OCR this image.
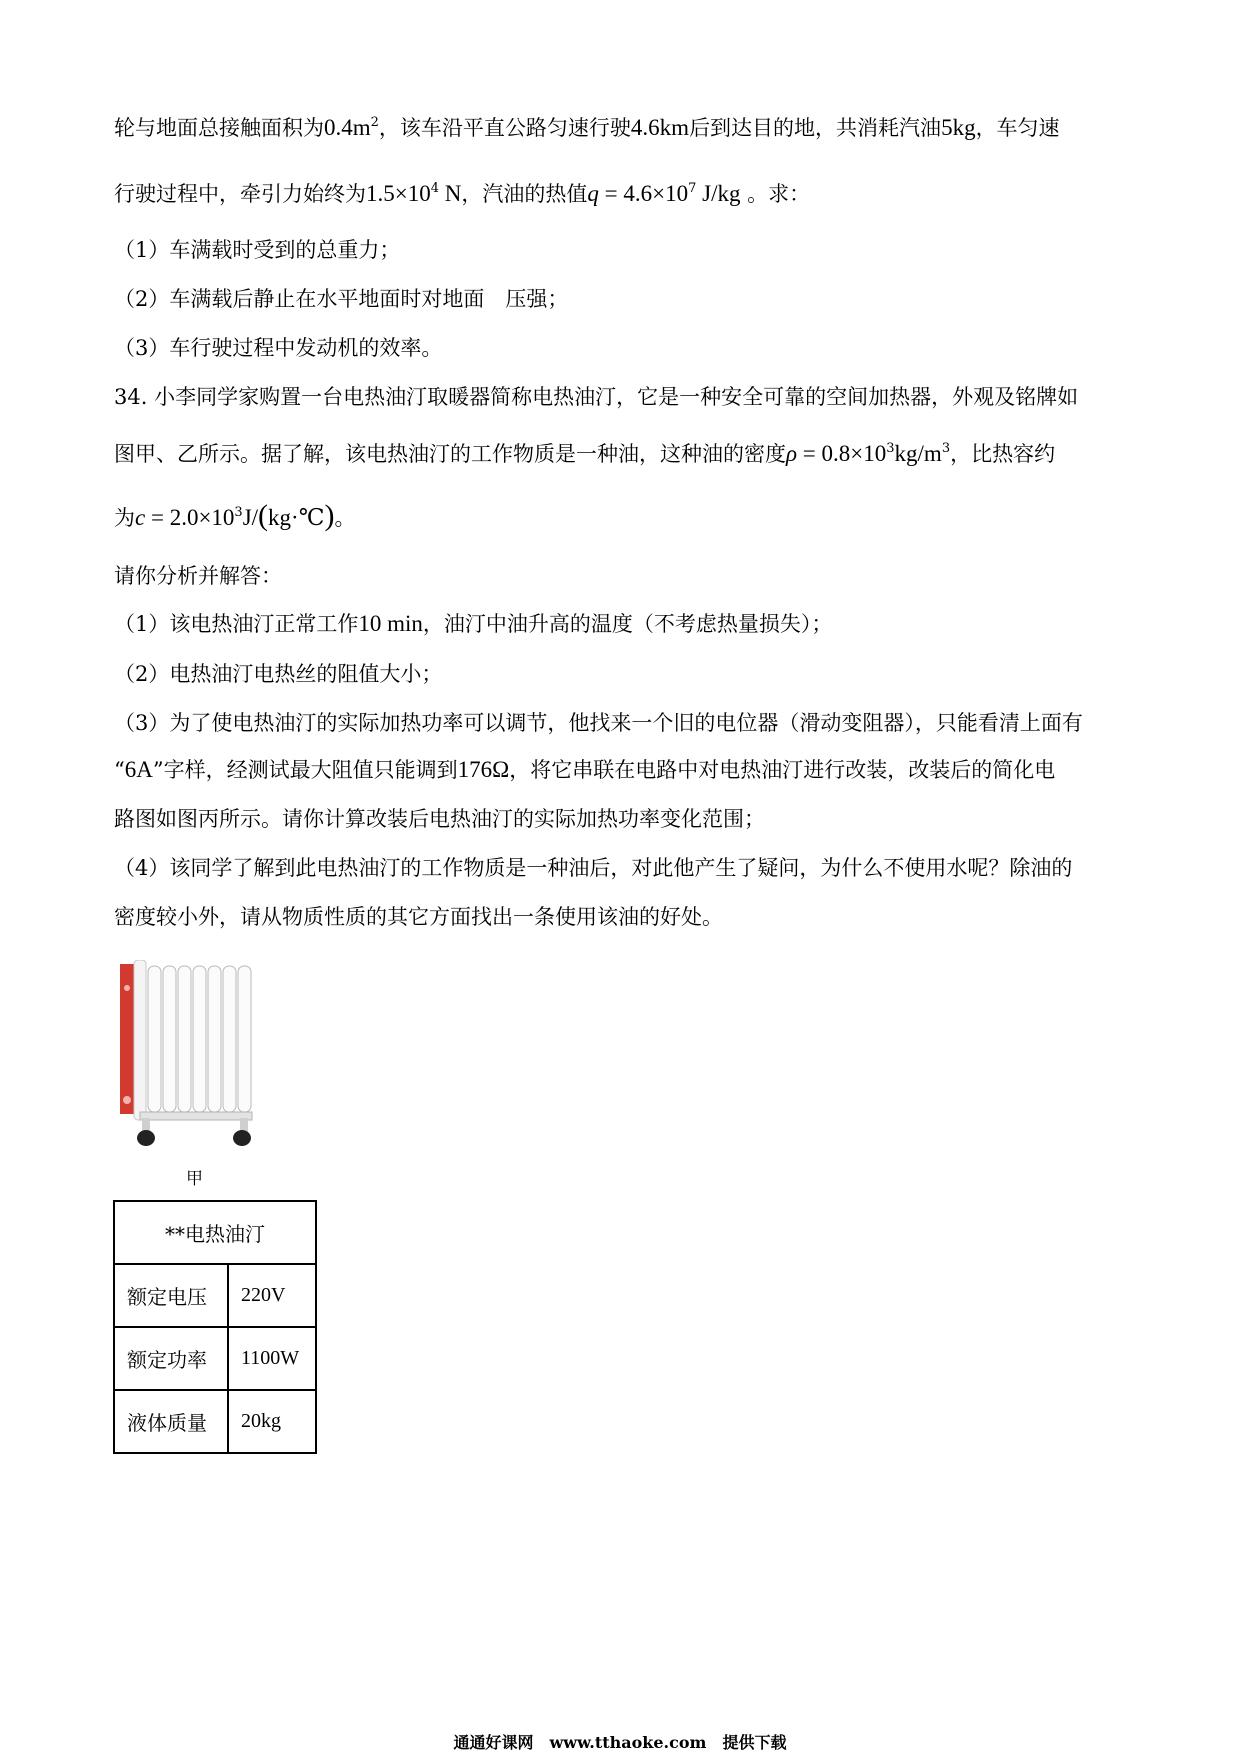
轮与地面总接触面积为$0.4m^2$，该车沿平直公路匀速行驶4.6km后到达目的地，共消耗汽油5kg，车匀速
行驶过程中，牵引力始终为$1.5\times 10^4$ N，汽油的热值$q = 4.6\times 10^7$ J/kg 。求：
（1）车满载时受到的总重力；
（2）车满载后静止在水平地面时对地面　压强；
（3）车行驶过程中发动机的效率。
34. 小李同学家购置一台电热油汀取暖器简称电热油汀，它是一种安全可靠的空间加热器，外观及铭牌如
图甲、乙所示。据了解，该电热油汀的工作物质是一种油，这种油的密度$\rho = 0.8\times 10^3kg/m^3$，比热容约
为$c = 2.0\times 10^3J/(kg\cdot℃)$。
请你分析并解答：
（1）该电热油汀正常工作10 min，油汀中油升高的温度（不考虑热量损失）；
（2）电热油汀电热丝的阻值大小；
（3）为了使电热油汀的实际加热功率可以调节，他找来一个旧的电位器（滑动变阻器），只能看清上面有
“6A”字样，经测试最大阻值只能调到176Ω，将它串联在电路中对电热油汀进行改装，改装后的简化电
路图如图丙所示。请你计算改装后电热油汀的实际加热功率变化范围；
（4）该同学了解到此电热油汀的工作物质是一种油后，对此他产生了疑问，为什么不使用水呢？除油的
密度较小外，请从物质性质的其它方面找出一条使用该油的好处。
甲
**电热油汀	
额定电压	220V
额定功率	1100W
液体质量	20kg
通通好课网　www.tthaoke.com　提供下载
